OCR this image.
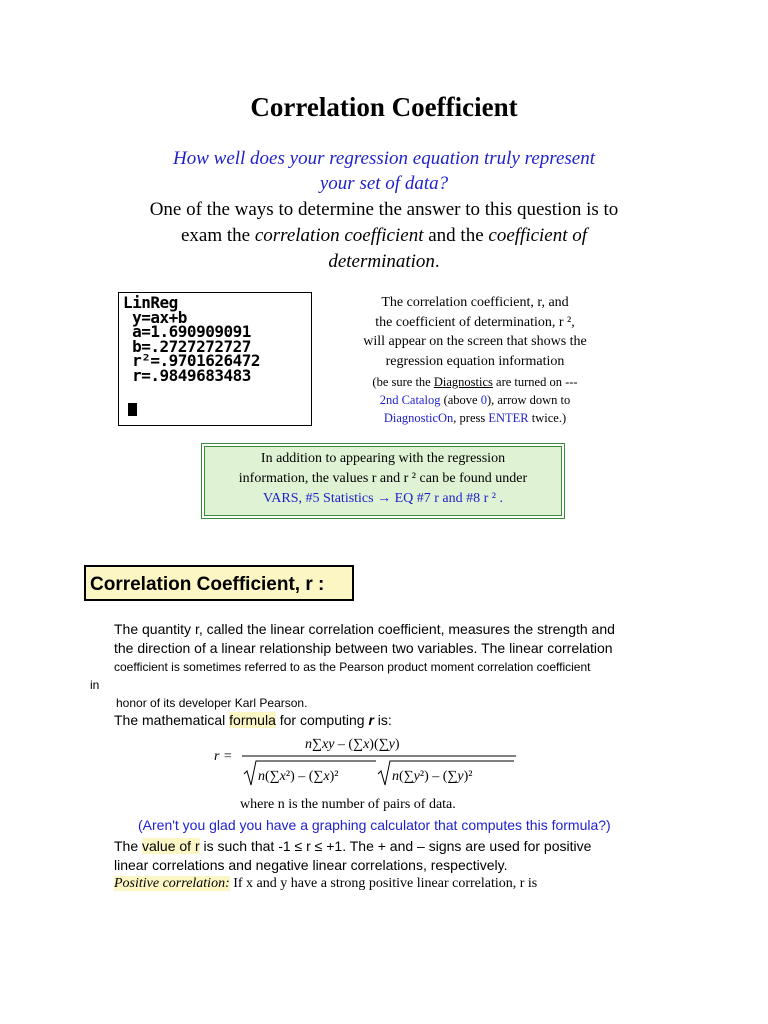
Correlation Coefficient
How well does your regression equation truly represent
your set of data?
One of the ways to determine the answer to this question is to
exam the correlation coefficient and the coefficient of
determination.
LinReg
y=ax+b
a=1.690909091
b=.2727272727
r²=.9701626472
r=.9849683483
The correlation coefficient, r, and
the coefficient of determination, r ²,
will appear on the screen that shows the
regression equation information
(be sure the Diagnostics are turned on ---
2nd Catalog (above 0), arrow down to
DiagnosticOn, press ENTER twice.)
In addition to appearing with the regression
information, the values r and r ² can be found under
VARS, #5 Statistics → EQ #7 r and #8 r ² .
Correlation Coefficient, r :
The quantity r, called the linear correlation coefficient, measures the strength and
the direction of a linear relationship between two variables. The linear correlation
coefficient is sometimes referred to as the Pearson product moment correlation coefficient
in
honor of its developer Karl Pearson.
The mathematical formula for computing r is:
r =
n∑xy – (∑x)(∑y)
n(∑x²) – (∑x)²	n(∑y²) – (∑y)²
where n is the number of pairs of data.
(Aren't you glad you have a graphing calculator that computes this formula?)
The value of r is such that -1 ≤ r ≤ +1. The + and – signs are used for positive
linear correlations and negative linear correlations, respectively.
Positive correlation: If x and y have a strong positive linear correlation, r is
